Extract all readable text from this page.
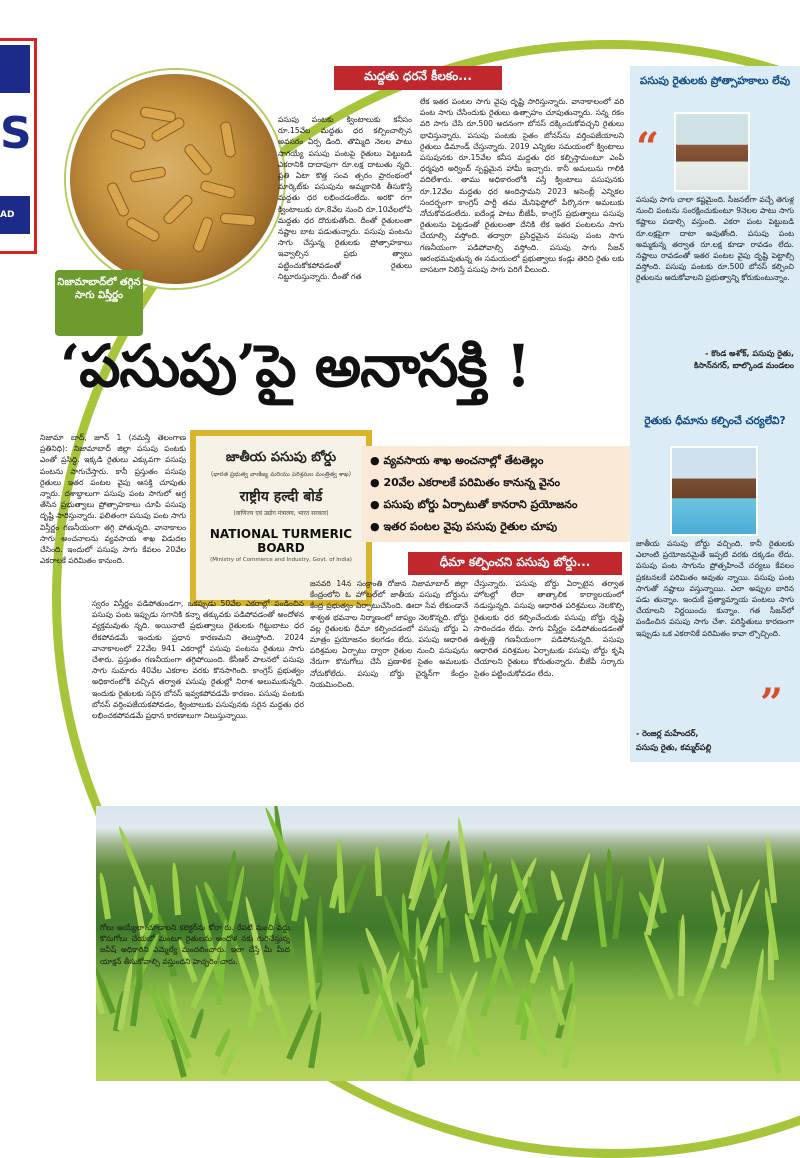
S
AD
మద్దతు ధరనే కీలకం...
పసుపు పంటకు క్వింటాలుకు కనీసం రూ.15వేల మద్దతు ధర కల్పించాల్సిన అవసరం ఏర్ప డింది. తొమ్మిది నెలల పాటు సాగయ్యే పసుపు పంటపై రైతులు పెట్టుబడి ఎకరానికి దాదాపుగా రూ.లక్ష దాటుతు న్నది. ప్రతి ఏటా కొత్త సంవ త్సరం ప్రారంభంలో మార్కెట్‌కు పసుపును అమ్మకానికి తీసుకొస్తే మద్దతు ధర లభించడంలేదు. అరకొ రగా క్వింటాలుకు రూ.8వేల నుంచి రూ.10వేలలోపే మద్దతు ధర దొరుకుతోంది. దీంతో రైతులంతా నష్టాల బాట పడుతున్నారు. పసుపు పంటను సాగు చేస్తున్న రైతులకు ప్రోత్సాహకాలు ఇవ్వాల్సిన ప్రభు త్వాలు పట్టించుకోకపోవడంతో రైతులు నిట్టూరుస్తున్నారు. దీంతో గత
లేక ఇతర పంటల సాగు వైపు దృష్టి సారిస్తున్నారు. వానాకాలంలో వరి పంట సాగు చేసేందుకు రైతులు ఉత్సాహం చూపుతున్నారు. సన్న రకం వరి సాగు చేసి రూ.500 అదనంగా బోనస్ దక్కించుకోవచ్చని రైతులు భావిస్తున్నారు. పసుపు పంటకు సైతం బోనస్‌ను వర్తింపజేయాలని రైతులు డిమాండ్ చేస్తున్నారు. 2019 ఎన్నికల సమయంలో క్వింటాలు పసుపునకు రూ.15వేల కనీస మద్దతు ధర కల్పిస్తామంటూ ఎంపీ ధర్మపురి అర్వింద్ స్పష్టమైన హామీ ఇచ్చారు. కానీ అమలును గాలికి వదిలేశారు. తాము అధికారంలోకి వస్తే క్వింటాలు పసుపునకు రూ.12వేల మద్దతు ధర అందిస్తామని 2023 అసెంబ్లీ ఎన్నికల సందర్భంగా కాంగ్రెస్ పార్టీ తమ మేనిఫెస్టోలో పేర్కొనగా అమలుకు నోచుకోవడంలేదు. ఐదేండ్ల పాటు బీజేపీ, కాంగ్రెస్ ప్రభుత్వాలు పసుపు రైతులను పెట్టడంతో రైతులంతా దేనికి లేక ఇతర పంటలను సాగు చేయాల్సి వస్తోంది. తద్వారా ప్రసిద్ధమైన పసుపు పంట సాగు గణనీయంగా పడిపోవాల్సి వస్తోంది. పసుపు సాగు సీజన్ ఆరంభమవుతున్న ఈ సమయంలో ప్రభుత్వాలు కండ్లు తెరిచి రైతు లకు బాసటగా నిలిస్తే పసుపు సాగు పెరిగే వీలుంది.
నిజామాబాద్‌లో తగ్గిన సాగు విస్తీర్ణం
‘పసుపు’పై అనాసక్తి !
నిజామా బాద్, జూన్ 1 (నమస్తే తెలంగాణ ప్రతినిధి): నిజామాబాద్ జిల్లా పసుపు పంటకు ఎంతో ప్రసిద్ధి. ఇక్కడి రైతులు ఎక్కువగా పసుపు పంటను సాగుచేస్తారు. కానీ ప్రస్తుతం పసుపు రైతులు ఇతర పంటల వైపు ఆసక్తి చూపుతు న్నారు. దశాబ్దాలుగా పసుపు పంట సాగులో అగ్ర తేసిన ప్రభుత్వాలు ప్రోత్సాహకాలు చూపి పసుపు దృష్టి సారిస్తున్నారు. ఫలితంగా పసుపు పంట సాగు విస్తీర్ణం గణనీయంగా తగ్గి పోతున్నది. వానాకాలం సాగు అంచనాలను వ్యవసాయ శాఖ విడుదల చేసింది. ఇందులో పసుపు సాగు కేవలం 20వేల ఎకరాలకే పరిమితం కానుంది.
జాతీయ పసుపు బోర్డు
(భారత ప్రభుత్వ వాణిజ్య మరియు పరిశ్రమల మంత్రిత్వ శాఖ)
राष्ट्रीय हल्दी बोर्ड
(वाणिज्य एवं उद्योग मंत्रालय, भारत सरकार)
NATIONAL TURMERIC BOARD
(Ministry of Commerce and Industry, Govt. of India)
● వ్యవసాయ శాఖ అంచనాల్లో తేటతెల్లం
● 20వేల ఎకరాలకే పరిమితం కానున్న వైనం
● పసుపు బోర్డు ఏర్పాటుతో కానరాని ప్రయోజనం
● ఇతర పంటల వైపు పసుపు రైతుల చూపు
ధీమా కల్పించని పసుపు బోర్డు...
స్వరం విస్తీర్ణం పడిపోతుండగా, ఒకప్పుడు 50వేల ఎకరాల్లో పండించిన పసుపు పంట ఇప్పుడు సగానికి కన్నా తక్కువకు పడిపోవడంతో అందోళన వ్యక్తమవుతు న్నది. అయినాటి ప్రభుత్వాలు రైతులకు గిట్టుబాటు ధర లేకపోవడమే ఇందుకు ప్రధాన కారణమని తెలుస్తోంది. 2024 వానాకాలంలో 22వేల 941 ఎకరాల్లో పసుపు పంటను రైతులు సాగు చేశారు. ప్రస్తుతం గణనీయంగా తగ్గిపోయింది. కేసీఆర్ పాలనలో పసుపు సాగు సుమారు 40వేల ఎకరాల వరకు కొనసాగింది. కాంగ్రెస్ ప్రభుత్వం అధికారంలోకి వచ్చిన తర్వాత పసుపు రైతుల్లో నిరాశ అలుముకున్నది. ఇందుకు రైతులకు సరైన బోనస్ ఇవ్వకపోవడమే కారణం. పసుపు పంటకు బోనస్ వర్తింపజేయకపోవడం, క్వింటాలుకు పసుపునకు సరైన మద్దతు ధర లభించకపోవడమే ప్రధాన కారణాలుగా నిలుస్తున్నాయి.
జనవరి 14న సంక్రాంతి రోజున నిజామాబాద్ జిల్లా కేంద్రంలోని ఓ హోటల్‌లో జాతీయ పసుపు బోర్డును కేంద్ర ప్రభుత్వం ఏర్పాటుచేసింది. ఊదా సేవ లేకుండానే శాశ్వత భవనాల నిర్మాణంలో జాప్యం నెలకొన్నది. బోర్డు వల్ల రైతులకు ధీమా కల్పించడంలో పసుపు బోర్డు ఏ మాత్రం ప్రయోజనం కలగడం లేదు. పసుపు ఆధారిత పరిశ్రమల ఏర్పాటు ద్వారా రైతుల నుంచి పసుపును నేరుగా కొనుగోలు చేసే ప్రణాళిక సైతం అమలుకు నోచుకోలేదు. పసుపు బోర్డు చైర్మన్‌గా కేంద్రం నియమించింది.
చేస్తున్నారు. పసుపు బోర్డు ఏర్పాటైన తర్వాత హోటల్లో లేదా తాత్కాలిక కార్యాలయంలో నడుస్తున్నది. పసుపు ఆధారిత పరిశ్రమలు నెలకొల్పి రైతులకు ధర కల్పించేందుకు పసుపు బోర్డు దృష్టి సారించడం లేదు. సాగు విస్తీర్ణం పడిపోతుండడంతో ఉత్పత్తి గణనీయంగా పడిపోనున్నది. పసుపు ఆధారిత పరిశ్రమల ఏర్పాటుకు పసుపు బోర్డు కృషి చేయాలని రైతులు కోరుతున్నారు. బీజేపీ సర్కారు సైతం పట్టించుకోవడం లేదు.
పసుపు రైతులకు ప్రోత్సాహకాలు లేవు
“
పసుపు సాగు చాలా కష్టమైంది. సీజనల్‌గా వచ్చే తెగుళ్ల నుంచి పంటను సంరక్షించుకుంటూ 9నెలల పాటు సాగు కష్టాలు పడాల్సి వస్తుంది. ఎకరా పంట పెట్టుబడి రూ.లక్షపైగా దాటా అవుతోంది. పసుపు పంట అమ్మకున్న తర్వాత రూ.లక్ష కూడా రావడం లేదు. నష్టాలు రావడంతో ఇతర పంటల వైపు దృష్టి పెట్టాల్సి వస్తోంది. పసుపు పంటకు రూ.500 బోనస్ కల్పించి రైతులను ఆదుకోవాలని ప్రభుత్వాన్ని కోరుకుంటున్నాం.
- కొండ అశోక్, పసుపు రైతు,
కిసాన్‌నగర్, బాల్కొండ మండలం
రైతుకు ధీమాను కల్పించే చర్యలేవి?
జాతీయ పసుపు బోర్డు వచ్చింది. కానీ రైతులకు ఎలాంటి ప్రయోజనమైతే ఇప్పటి వరకు దక్కడం లేదు. పసుపు పంట సాగును ప్రోత్సహించే చర్యలు కేవలం ప్రకటనలకే పరిమితం అవుతు న్నాయి. పసుపు పంట సాగుతో నష్టాలు వస్తున్నాయి. ఎలా అప్పుల బారిన పడు తున్నాం. ఇందుకే ప్రత్యామ్నాయ పంటలు సాగు చేయాలని నిర్ణయించు కున్నాం. గత సీజన్‌లో పండించిన పసుపు సాగు చేశా. పరిస్థితులు కారణంగా ఇప్పుడు ఒక ఎకరానికే పరిమితం కావా ల్సొచ్చింది.
”
- రెంజర్ల మహేందర్,
పసుపు రైతు, కమ్మర్‌పల్లి
గోలు అయ్యేలా చూడాలని కలెక్టర్‌ను కోరా రు. రేపటి నుంచి వద్దు కొనుగోలు చేయబో మంటూ రైతులను ఆందోళ నకు గురిచేస్తున్న జనీష్ అధికారిని ఎమ్మెల్యే మందలించారు. ఇలా చేస్తే మీ మీద యాక్షన్ తీసుకోవాల్సి వస్తుందని హెచ్చరిం చారు.
